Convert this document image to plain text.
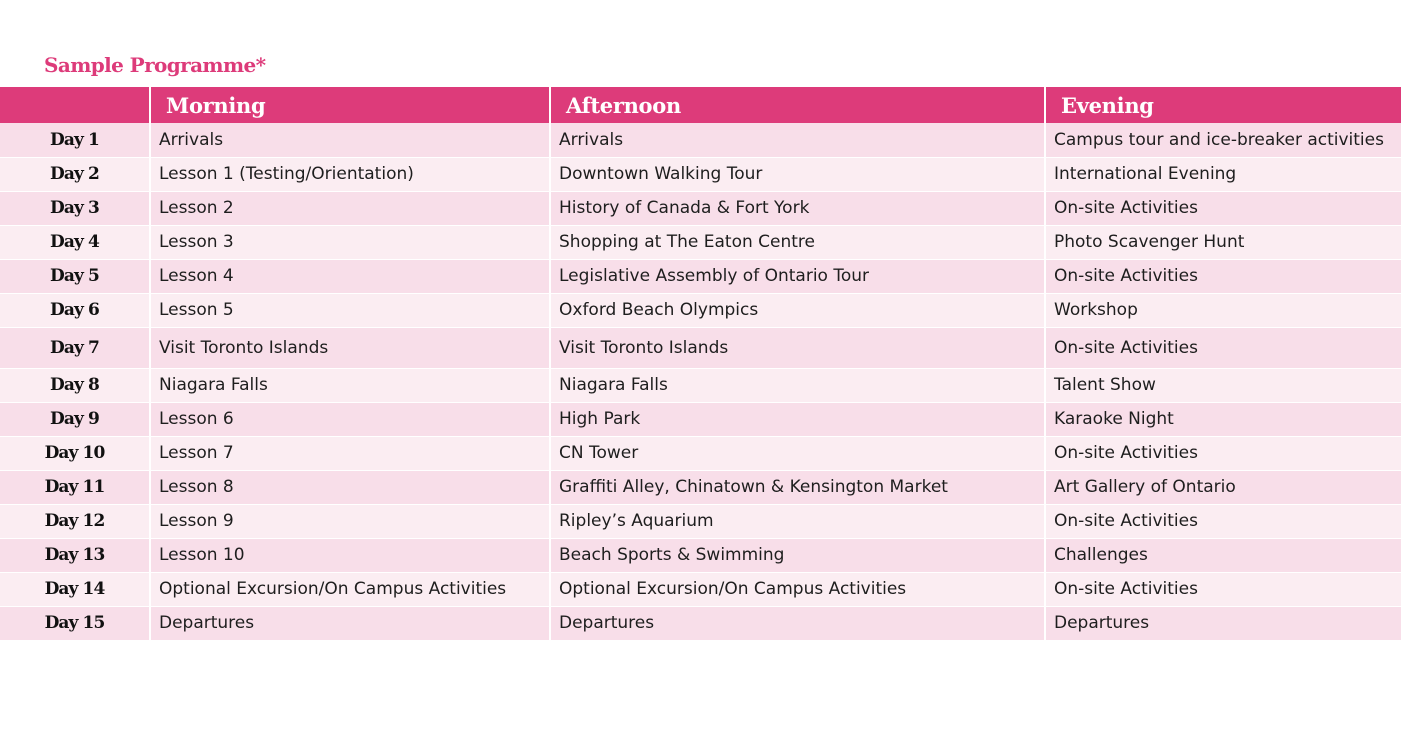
Sample Programme*
	Morning	Afternoon	Evening
Day 1	Arrivals	Arrivals	Campus tour and ice-breaker activities
Day 2	Lesson 1 (Testing/Orientation)	Downtown Walking Tour	International Evening
Day 3	Lesson 2	History of Canada & Fort York	On-site Activities
Day 4	Lesson 3	Shopping at The Eaton Centre	Photo Scavenger Hunt
Day 5	Lesson 4	Legislative Assembly of Ontario Tour	On-site Activities
Day 6	Lesson 5	Oxford Beach Olympics	Workshop
Day 7	Visit Toronto Islands	Visit Toronto Islands	On-site Activities
Day 8	Niagara Falls	Niagara Falls	Talent Show
Day 9	Lesson 6	High Park	Karaoke Night
Day 10	Lesson 7	CN Tower	On-site Activities
Day 11	Lesson 8	Graffiti Alley, Chinatown & Kensington Market	Art Gallery of Ontario
Day 12	Lesson 9	Ripley’s Aquarium	On-site Activities
Day 13	Lesson 10	Beach Sports & Swimming	Challenges
Day 14	Optional Excursion/On Campus Activities	Optional Excursion/On Campus Activities	On-site Activities
Day 15	Departures	Departures	Departures
